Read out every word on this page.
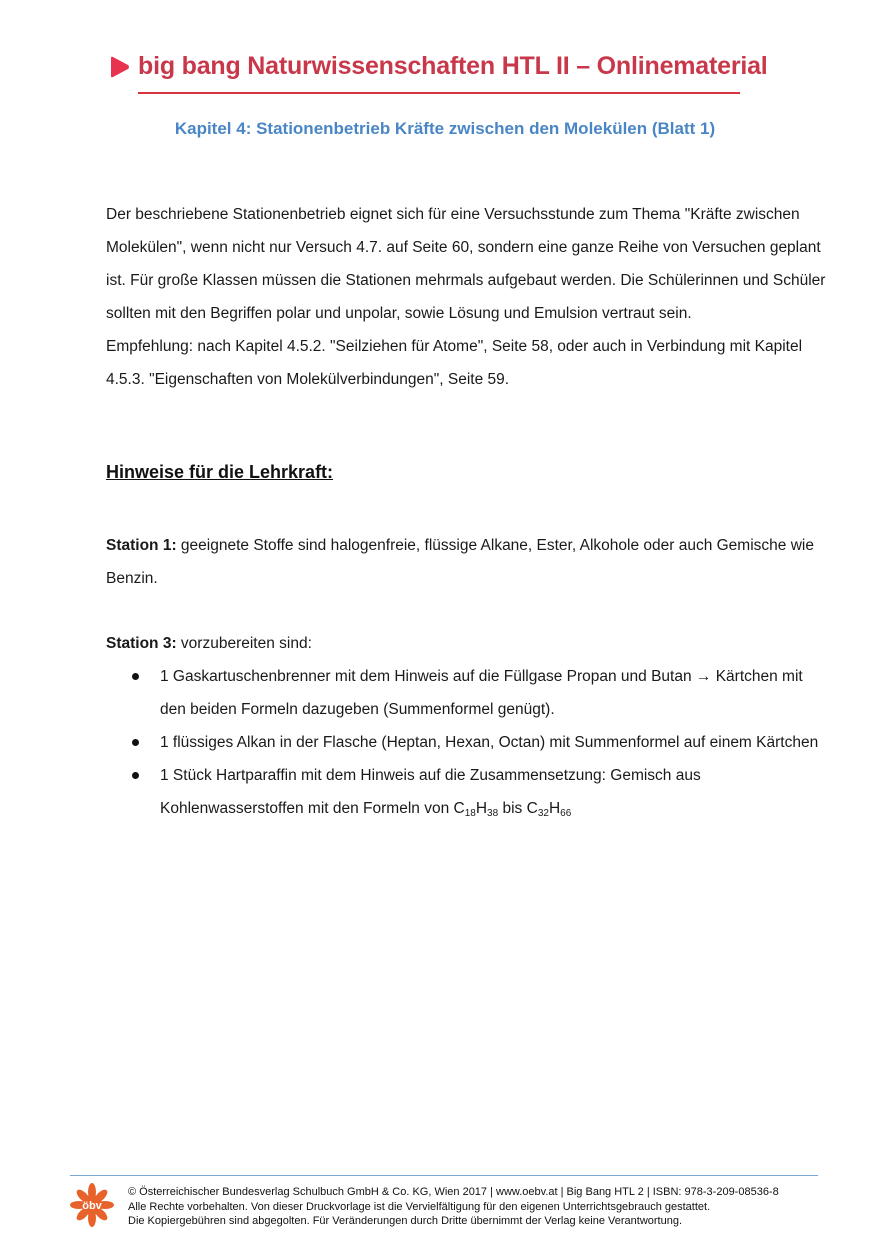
big bang Naturwissenschaften HTL II – Onlinematerial
Kapitel 4: Stationenbetrieb Kräfte zwischen den Molekülen (Blatt 1)

Der beschriebene Stationenbetrieb eignet sich für eine Versuchsstunde zum Thema "Kräfte zwischen Molekülen", wenn nicht nur Versuch 4.7. auf Seite 60, sondern eine ganze Reihe von Versuchen geplant ist. Für große Klassen müssen die Stationen mehrmals aufgebaut werden. Die Schülerinnen und Schüler sollten mit den Begriffen polar und unpolar, sowie Lösung und Emulsion vertraut sein.

Empfehlung: nach Kapitel 4.5.2. "Seilziehen für Atome", Seite 58, oder auch in Verbindung mit Kapitel 4.5.3. "Eigenschaften von Molekülverbindungen", Seite 59.

Hinweise für die Lehrkraft:
Station 1: geeignete Stoffe sind halogenfreie, flüssige Alkane, Ester, Alkohole oder auch Gemische wie Benzin.
Station 3: vorzubereiten sind:
1 Gaskartuschenbrenner mit dem Hinweis auf die Füllgase Propan und Butan → Kärtchen mit den beiden Formeln dazugeben (Summenformel genügt).
1 flüssiges Alkan in der Flasche (Heptan, Hexan, Octan) mit Summenformel auf einem Kärtchen
1 Stück Hartparaffin mit dem Hinweis auf die Zusammensetzung: Gemisch aus Kohlenwasserstoffen mit den Formeln von $C_{18}H_{38}$ bis $C_{32}H_{66}$
öbv
© Österreichischer Bundesverlag Schulbuch GmbH & Co. KG, Wien 2017 | www.oebv.at | Big Bang HTL 2 | ISBN: 978-3-209-08536-8
Alle Rechte vorbehalten. Von dieser Druckvorlage ist die Vervielfältigung für den eigenen Unterrichtsgebrauch gestattet.
Die Kopiergebühren sind abgegolten. Für Veränderungen durch Dritte übernimmt der Verlag keine Verantwortung.
